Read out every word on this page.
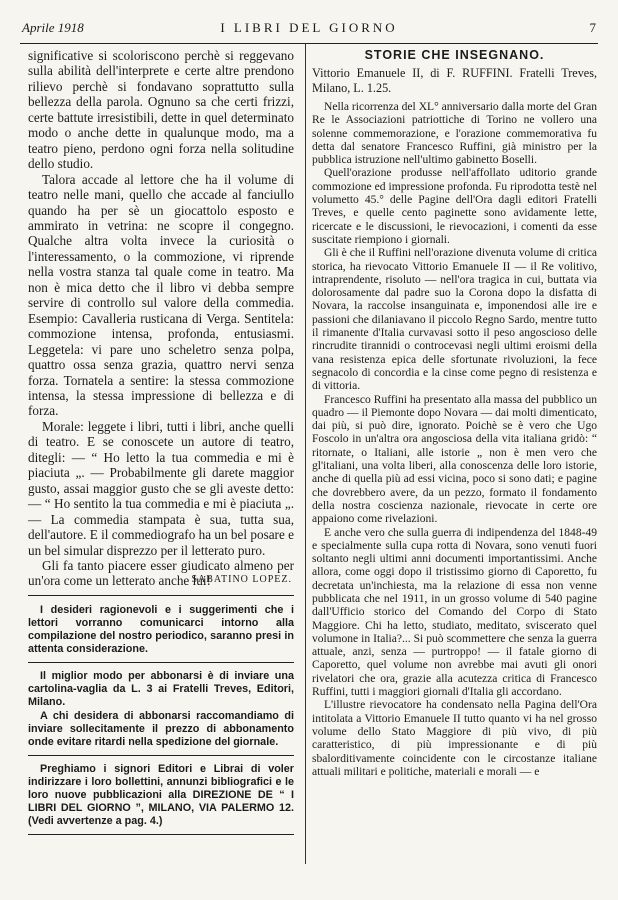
Aprile 1918	I LIBRI DEL GIORNO	7

significative si scoloriscono perchè si reggevano sulla abilità dell'interprete e certe altre prendono rilievo perchè si fondavano soprattutto sulla bellezza della parola. Ognuno sa che certi frizzi, certe battute irresistibili, dette in quel determinato modo o anche dette in qualunque modo, ma a teatro pieno, perdono ogni forza nella solitudine dello studio.

Talora accade al lettore che ha il volume di teatro nelle mani, quello che accade al fanciullo quando ha per sè un giocattolo esposto e ammirato in vetrina: ne scopre il congegno. Qualche altra volta invece la curiosità o l'interessamento, o la commozione, vi riprende nella vostra stanza tal quale come in teatro. Ma non è mica detto che il libro vi debba sempre servire di controllo sul valore della commedia. Esempio: Cavalleria rusticana di Verga. Sentitela: commozione intensa, profonda, entusiasmi. Leggetela: vi pare uno scheletro senza polpa, quattro ossa senza grazia, quattro nervi senza forza. Tornatela a sentire: la stessa commozione intensa, la stessa impressione di bellezza e di forza.

Morale: leggete i libri, tutti i libri, anche quelli di teatro. E se conoscete un autore di teatro, ditegli: — “ Ho letto la tua commedia e mi è piaciuta „. — Probabilmente gli darete maggior gusto, assai maggior gusto che se gli aveste detto: — “ Ho sentito la tua commedia e mi è piaciuta „. — La commedia stampata è sua, tutta sua, dell'autore. E il commediografo ha un bel posare e un bel simular disprezzo per il letterato puro.

Gli fa tanto piacere esser giudicato almeno per un'ora come un letterato anche lui!

SABATINO LOPEZ.

I desideri ragionevoli e i suggerimenti che i lettori vorranno comunicarci intorno alla compilazione del nostro periodico, saranno presi in attenta considerazione.

Il miglior modo per abbonarsi è di inviare una cartolina-vaglia da L. 3 ai Fratelli Treves, Editori, Milano.

A chi desidera di abbonarsi raccomandiamo di inviare sollecitamente il prezzo di abbonamento onde evitare ritardi nella spedizione del giornale.

Preghiamo i signori Editori e Librai di voler indirizzare i loro bollettini, annunzi bibliografici e le loro nuove pubblicazioni alla DIREZIONE DE “ I LIBRI DEL GIORNO ”, MILANO, VIA PALERMO 12. (Vedi avvertenze a pag. 4.)

STORIE CHE INSEGNANO.

Vittorio Emanuele II, di F. RUFFINI. Fratelli Treves, Milano, L. 1.25.

Nella ricorrenza del XL° anniversario dalla morte del Gran Re le Associazioni patriottiche di Torino ne vollero una solenne commemorazione, e l'orazione commemorativa fu detta dal senatore Francesco Ruffini, già ministro per la pubblica istruzione nell'ultimo gabinetto Boselli.

Quell'orazione produsse nell'affollato uditorio grande commozione ed impressione profonda. Fu riprodotta testè nel volumetto 45.° delle Pagine dell'Ora dagli editori Fratelli Treves, e quelle cento paginette sono avidamente lette, ricercate e le discussioni, le rievocazioni, i comenti da esse suscitate riempiono i giornali.

Gli è che il Ruffini nell'orazione divenuta volume di critica storica, ha rievocato Vittorio Emanuele II — il Re volitivo, intraprendente, risoluto — nell'ora tragica in cui, buttata via dolorosamente dal padre suo la Corona dopo la disfatta di Novara, la raccolse insanguinata e, imponendosi alle ire e passioni che dilaniavano il piccolo Regno Sardo, mentre tutto il rimanente d'Italia curvavasi sotto il peso angoscioso delle rincrudite tirannidi o controcevasi negli ultimi eroismi della vana resistenza epica delle sfortunate rivoluzioni, la fece segnacolo di concordia e la cinse come pegno di resistenza e di vittoria.

Francesco Ruffini ha presentato alla massa del pubblico un quadro — il Piemonte dopo Novara — dai molti dimenticato, dai più, si può dire, ignorato. Poichè se è vero che Ugo Foscolo in un'altra ora angosciosa della vita italiana gridò: “ ritornate, o Italiani, alle istorie „ non è men vero che gl'italiani, una volta liberi, alla conoscenza delle loro istorie, anche di quella più ad essi vicina, poco si sono dati; e pagine che dovrebbero avere, da un pezzo, formato il fondamento della nostra coscienza nazionale, rievocate in certe ore appaiono come rivelazioni.

E anche vero che sulla guerra di indipendenza del 1848-49 e specialmente sulla cupa rotta di Novara, sono venuti fuori soltanto negli ultimi anni documenti importantissimi. Anche allora, come oggi dopo il tristissimo giorno di Caporetto, fu decretata un'inchiesta, ma la relazione di essa non venne pubblicata che nel 1911, in un grosso volume di 540 pagine dall'Ufficio storico del Comando del Corpo di Stato Maggiore. Chi ha letto, studiato, meditato, sviscerato quel volumone in Italia?... Si può scommettere che senza la guerra attuale, anzi, senza — purtroppo! — il fatale giorno di Caporetto, quel volume non avrebbe mai avuti gli onori rivelatori che ora, grazie alla acutezza critica di Francesco Ruffini, tutti i maggiori giornali d'Italia gli accordano.

L'illustre rievocatore ha condensato nella Pagina dell'Ora intitolata a Vittorio Emanuele II tutto quanto vi ha nel grosso volume dello Stato Maggiore di più vivo, di più caratteristico, di più impressionante e di più sbalorditivamente coincidente con le circostanze italiane attuali militari e politiche, materiali e morali — e
